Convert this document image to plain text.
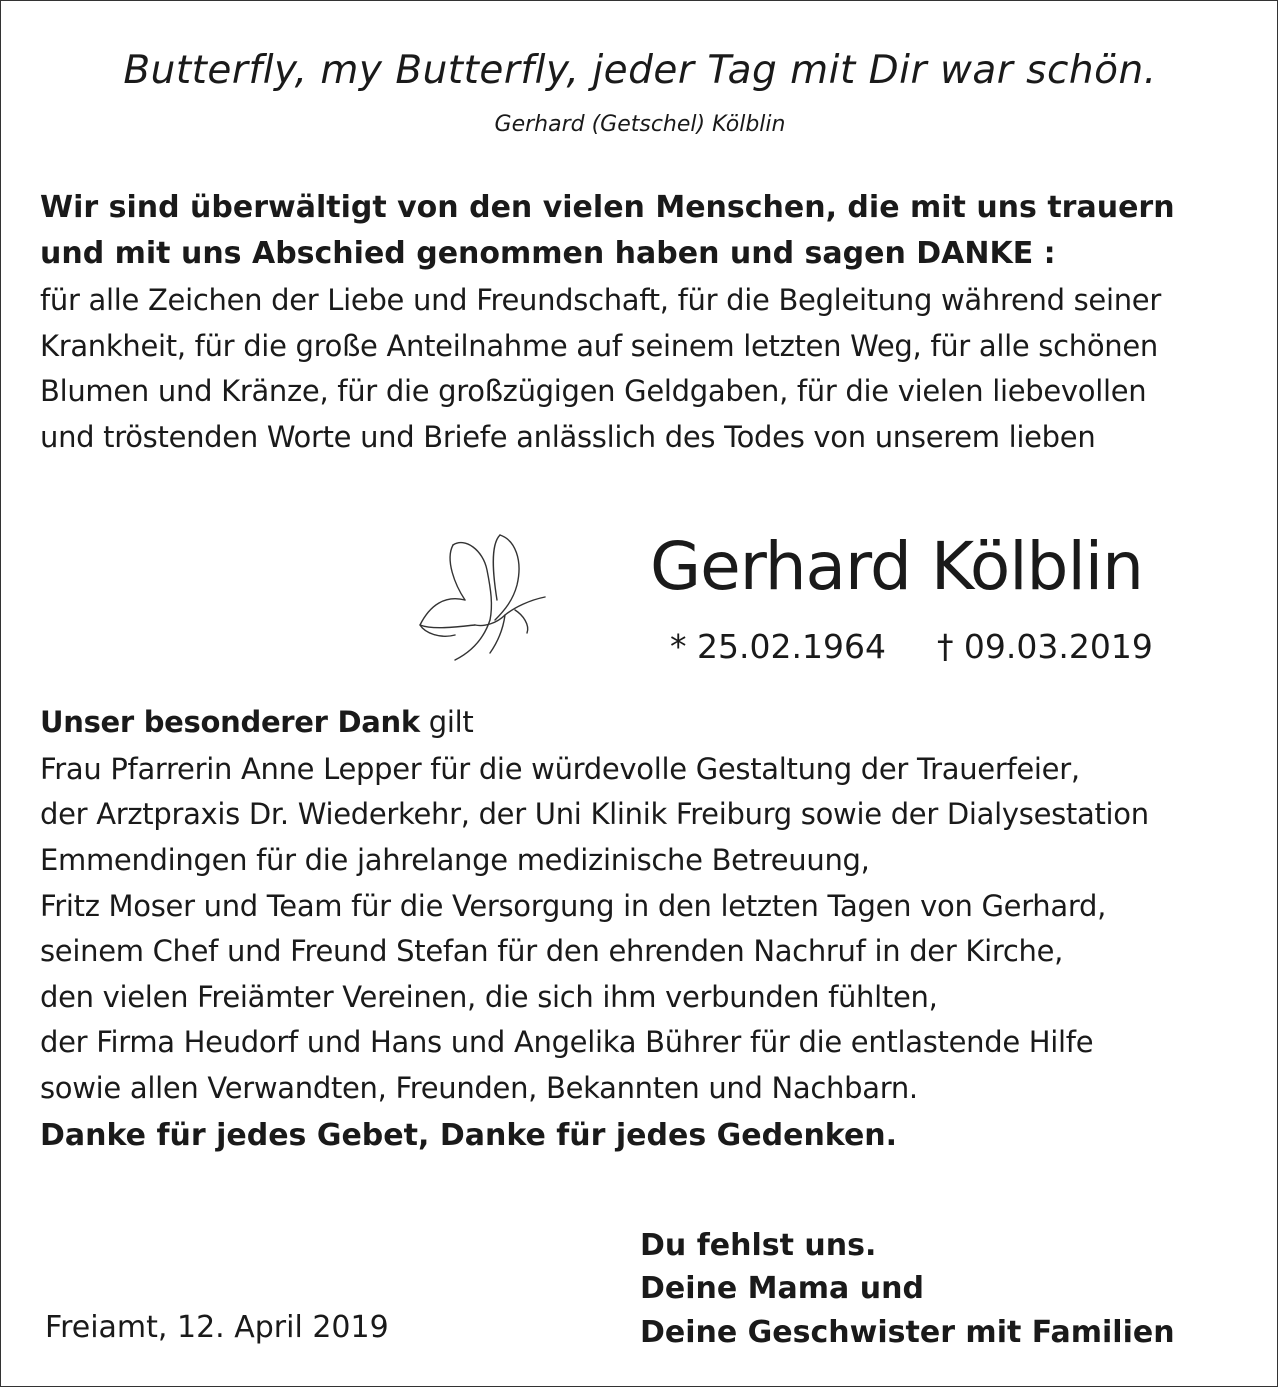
Butterfly, my Butterfly, jeder Tag mit Dir war schön.
Gerhard (Getschel) Kölblin
Wir sind überwältigt von den vielen Menschen, die mit uns trauern
und mit uns Abschied genommen haben und sagen DANKE :
für alle Zeichen der Liebe und Freundschaft, für die Begleitung während seiner
Krankheit, für die große Anteilnahme auf seinem letzten Weg, für alle schönen
Blumen und Kränze, für die großzügigen Geldgaben, für die vielen liebevollen
und tröstenden Worte und Briefe anlässlich des Todes von unserem lieben
Gerhard Kölblin
* 25.02.1964 † 09.03.2019
Unser besonderer Dank gilt
Frau Pfarrerin Anne Lepper für die würdevolle Gestaltung der Trauerfeier,
der Arztpraxis Dr. Wiederkehr, der Uni Klinik Freiburg sowie der Dialysestation
Emmendingen für die jahrelange medizinische Betreuung,
Fritz Moser und Team für die Versorgung in den letzten Tagen von Gerhard,
seinem Chef und Freund Stefan für den ehrenden Nachruf in der Kirche,
den vielen Freiämter Vereinen, die sich ihm verbunden fühlten,
der Firma Heudorf und Hans und Angelika Bührer für die entlastende Hilfe
sowie allen Verwandten, Freunden, Bekannten und Nachbarn.
Danke für jedes Gebet, Danke für jedes Gedenken.
Du fehlst uns.
Deine Mama und
Deine Geschwister mit Familien
Freiamt, 12. April 2019
